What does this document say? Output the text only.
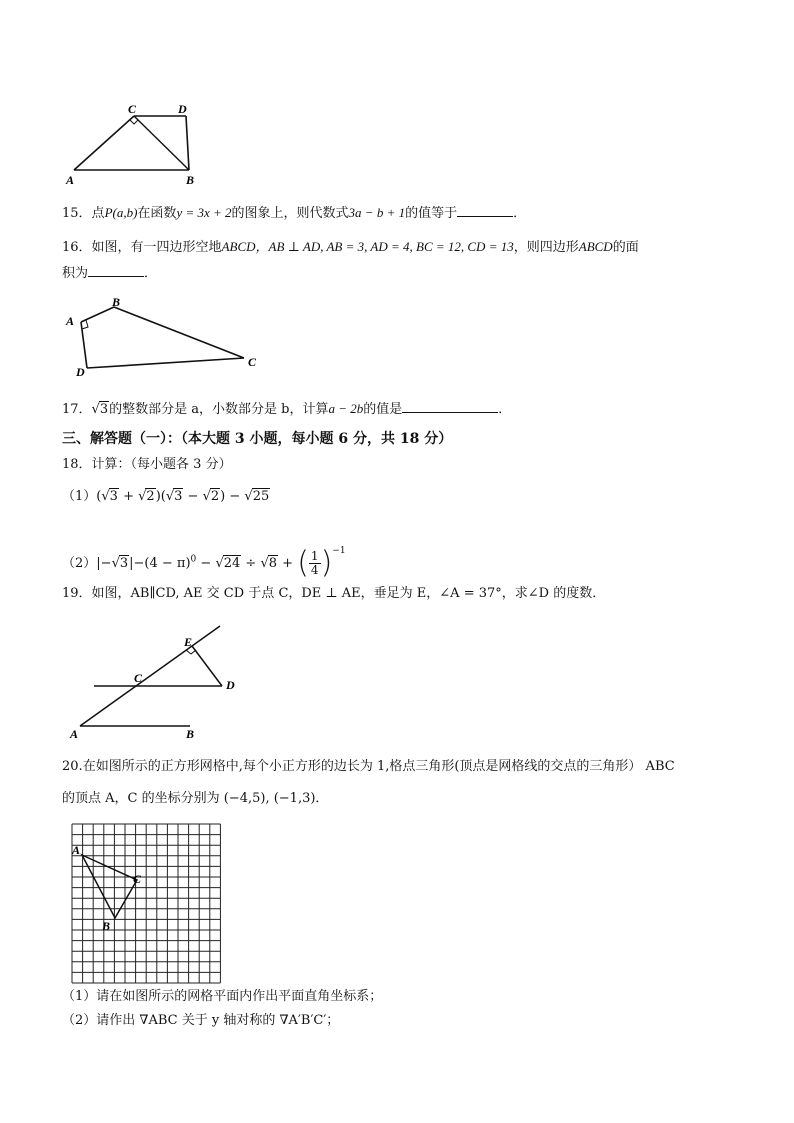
C	D
A	B
15．点P(a,b)在函数y = 3x + 2的图象上，则代数式3a − b + 1的值等于	．
16．如图，有一四边形空地ABCD，AB ⊥ AD, AB = 3, AD = 4, BC = 12, CD = 13，则四边形ABCD的面
积为	．
B
A
C
D
17．√3的整数部分是 a，小数部分是 b，计算a − 2b的值是	．
三、解答题（一）：（本大题 3 小题，每小题 6 分，共 18 分）
18．计算：（每小题各 3 分）
（1）(√3 + √2)(√3 − √2) − √25
$(2)|-√3|-(4 - \pi)^0 - √24 \div √8$ + ( $\frac{1}{4} )^{-1}$
19．如图，AB∥CD, AE 交 CD 于点 C，DE ⊥ AE，垂足为 E，∠A = 37°，求∠D 的度数．
E
C	D
A	B
20.在如图所示的正方形网格中,每个小正方形的边长为 1,格点三角形(顶点是网格线的交点的三角形） ABC
的顶点 A，C 的坐标分别为 (−4,5), (−1,3)．
A
C
B
（1）请在如图所示的网格平面内作出平面直角坐标系；
（2）请作出 ∇ABC 关于 y 轴对称的 ∇A′B′C′；
